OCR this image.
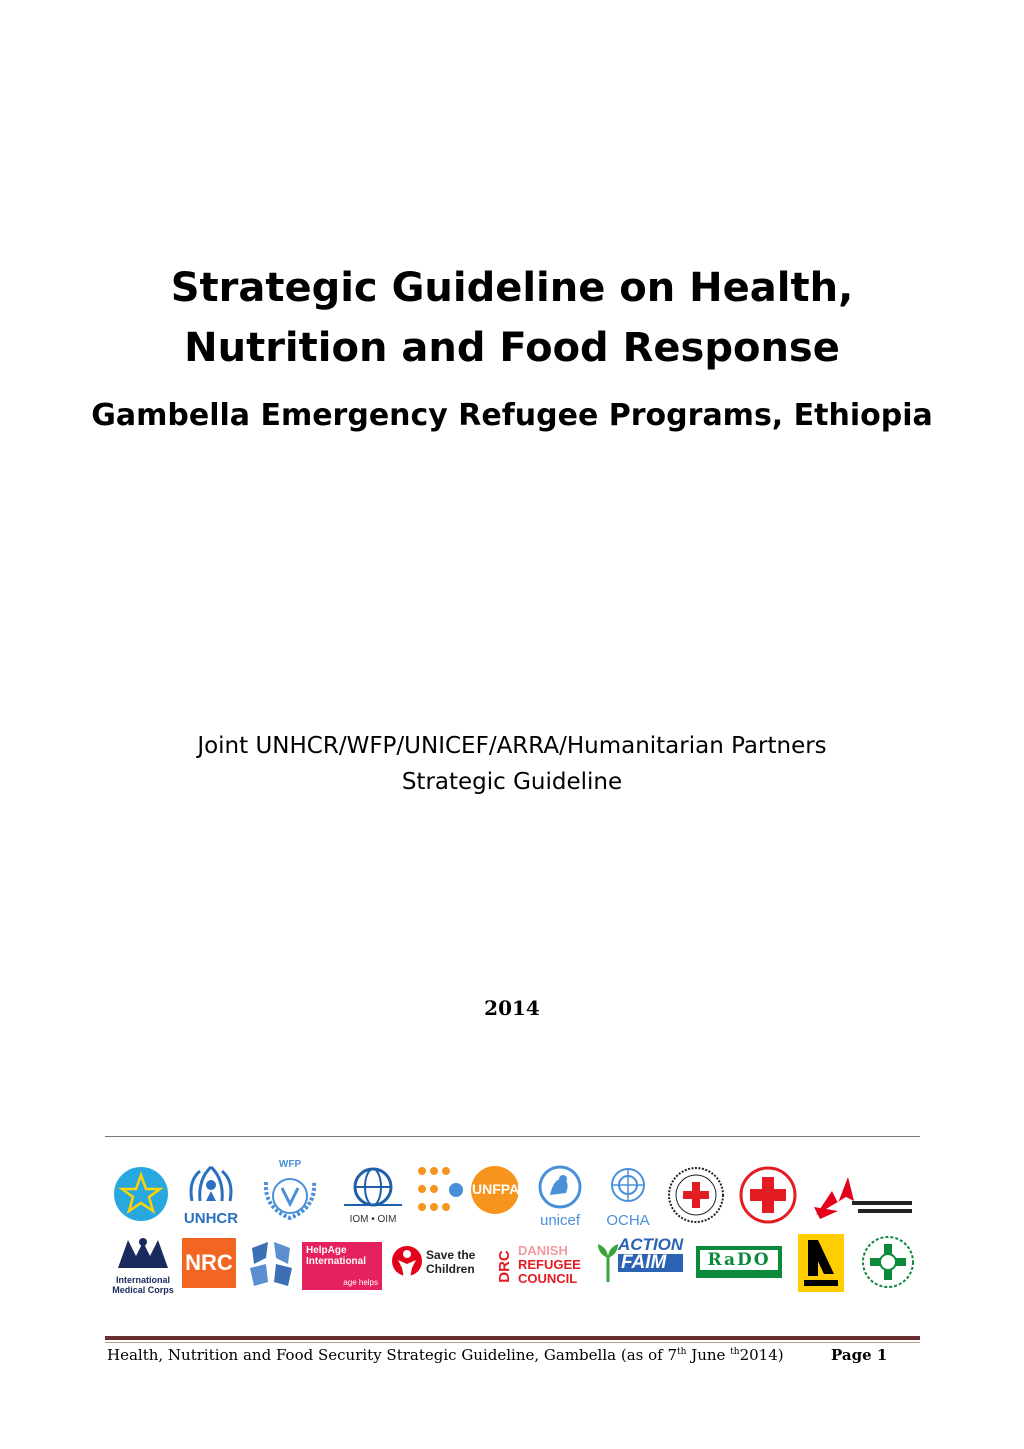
Strategic Guideline on Health,
Nutrition and Food Response
Gambella Emergency Refugee Programs, Ethiopia
Joint UNHCR/WFP/UNICEF/ARRA/Humanitarian Partners
Strategic Guideline
2014
UNHCR
WFP
IOM • OIM
UNFPA
unicef	OCHA
International
Medical Corps
NRC	HelpAge
International
age helps
Save the
Children DRC DANISH
REFUGEE
COUNCIL
ACTION
FAIM	RaDO
Health, Nutrition and Food Security Strategic Guideline, Gambella (as of 7th June $^{th}$2014)	Page 1
